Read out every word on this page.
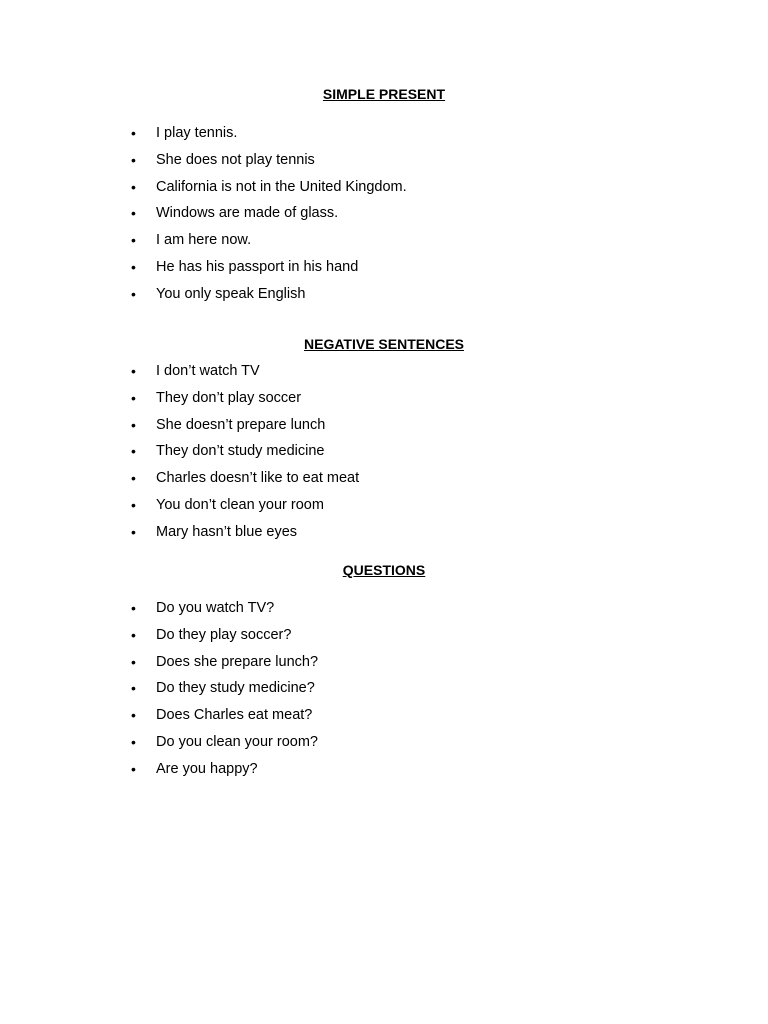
SIMPLE PRESENT
• I play tennis.
• She does not play tennis
• California is not in the United Kingdom.
• Windows are made of glass.
• I am here now.
• He has his passport in his hand
• You only speak English
NEGATIVE SENTENCES
• I don’t watch TV
• They don’t play soccer
• She doesn’t prepare lunch
• They don’t study medicine
• Charles doesn’t like to eat meat
• You don’t clean your room
• Mary hasn’t blue eyes
QUESTIONS
• Do you watch TV?
• Do they play soccer?
• Does she prepare lunch?
• Do they study medicine?
• Does Charles eat meat?
• Do you clean your room?
• Are you happy?
